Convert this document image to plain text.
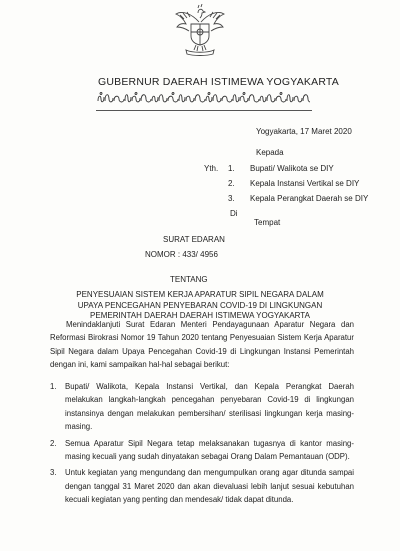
GUBERNUR DAERAH ISTIMEWA YOGYAKARTA
Yogyakarta, 17 Maret 2020
Kepada
Yth. 1. Bupati/ Walikota se DIY
2. Kepala Instansi Vertikal se DIY
3. Kepala Perangkat Daerah se DIY
Di
Tempat
SURAT EDARAN
NOMOR : 433/ 4956
TENTANG
PENYESUAIAN SISTEM KERJA APARATUR SIPIL NEGARA DALAM
UPAYA PENCEGAHAN PENYEBARAN COVID-19 DI LINGKUNGAN
PEMERINTAH DAERAH DAERAH ISTIMEWA YOGYAKARTA
Menindaklanjuti Surat Edaran Menteri Pendayagunaan Aparatur Negara dan Reformasi Birokrasi Nomor 19 Tahun 2020 tentang Penyesuaian Sistem Kerja Aparatur Sipil Negara dalam Upaya Pencegahan Covid-19 di Lingkungan Instansi Pemerintah dengan ini, kami sampaikan hal-hal sebagai berikut:
1. Bupati/ Walikota, Kepala Instansi Vertikal, dan Kepala Perangkat Daerah melakukan langkah-langkah pencegahan penyebaran Covid-19 di lingkungan instansinya dengan melakukan pembersihan/ sterilisasi lingkungan kerja masing-masing.
2. Semua Aparatur Sipil Negara tetap melaksanakan tugasnya di kantor masing-masing kecuali yang sudah dinyatakan sebagai Orang Dalam Pemantauan (ODP).
3. Untuk kegiatan yang mengundang dan mengumpulkan orang agar ditunda sampai dengan tanggal 31 Maret 2020 dan akan dievaluasi lebih lanjut sesuai kebutuhan kecuali kegiatan yang penting dan mendesak/ tidak dapat ditunda.
